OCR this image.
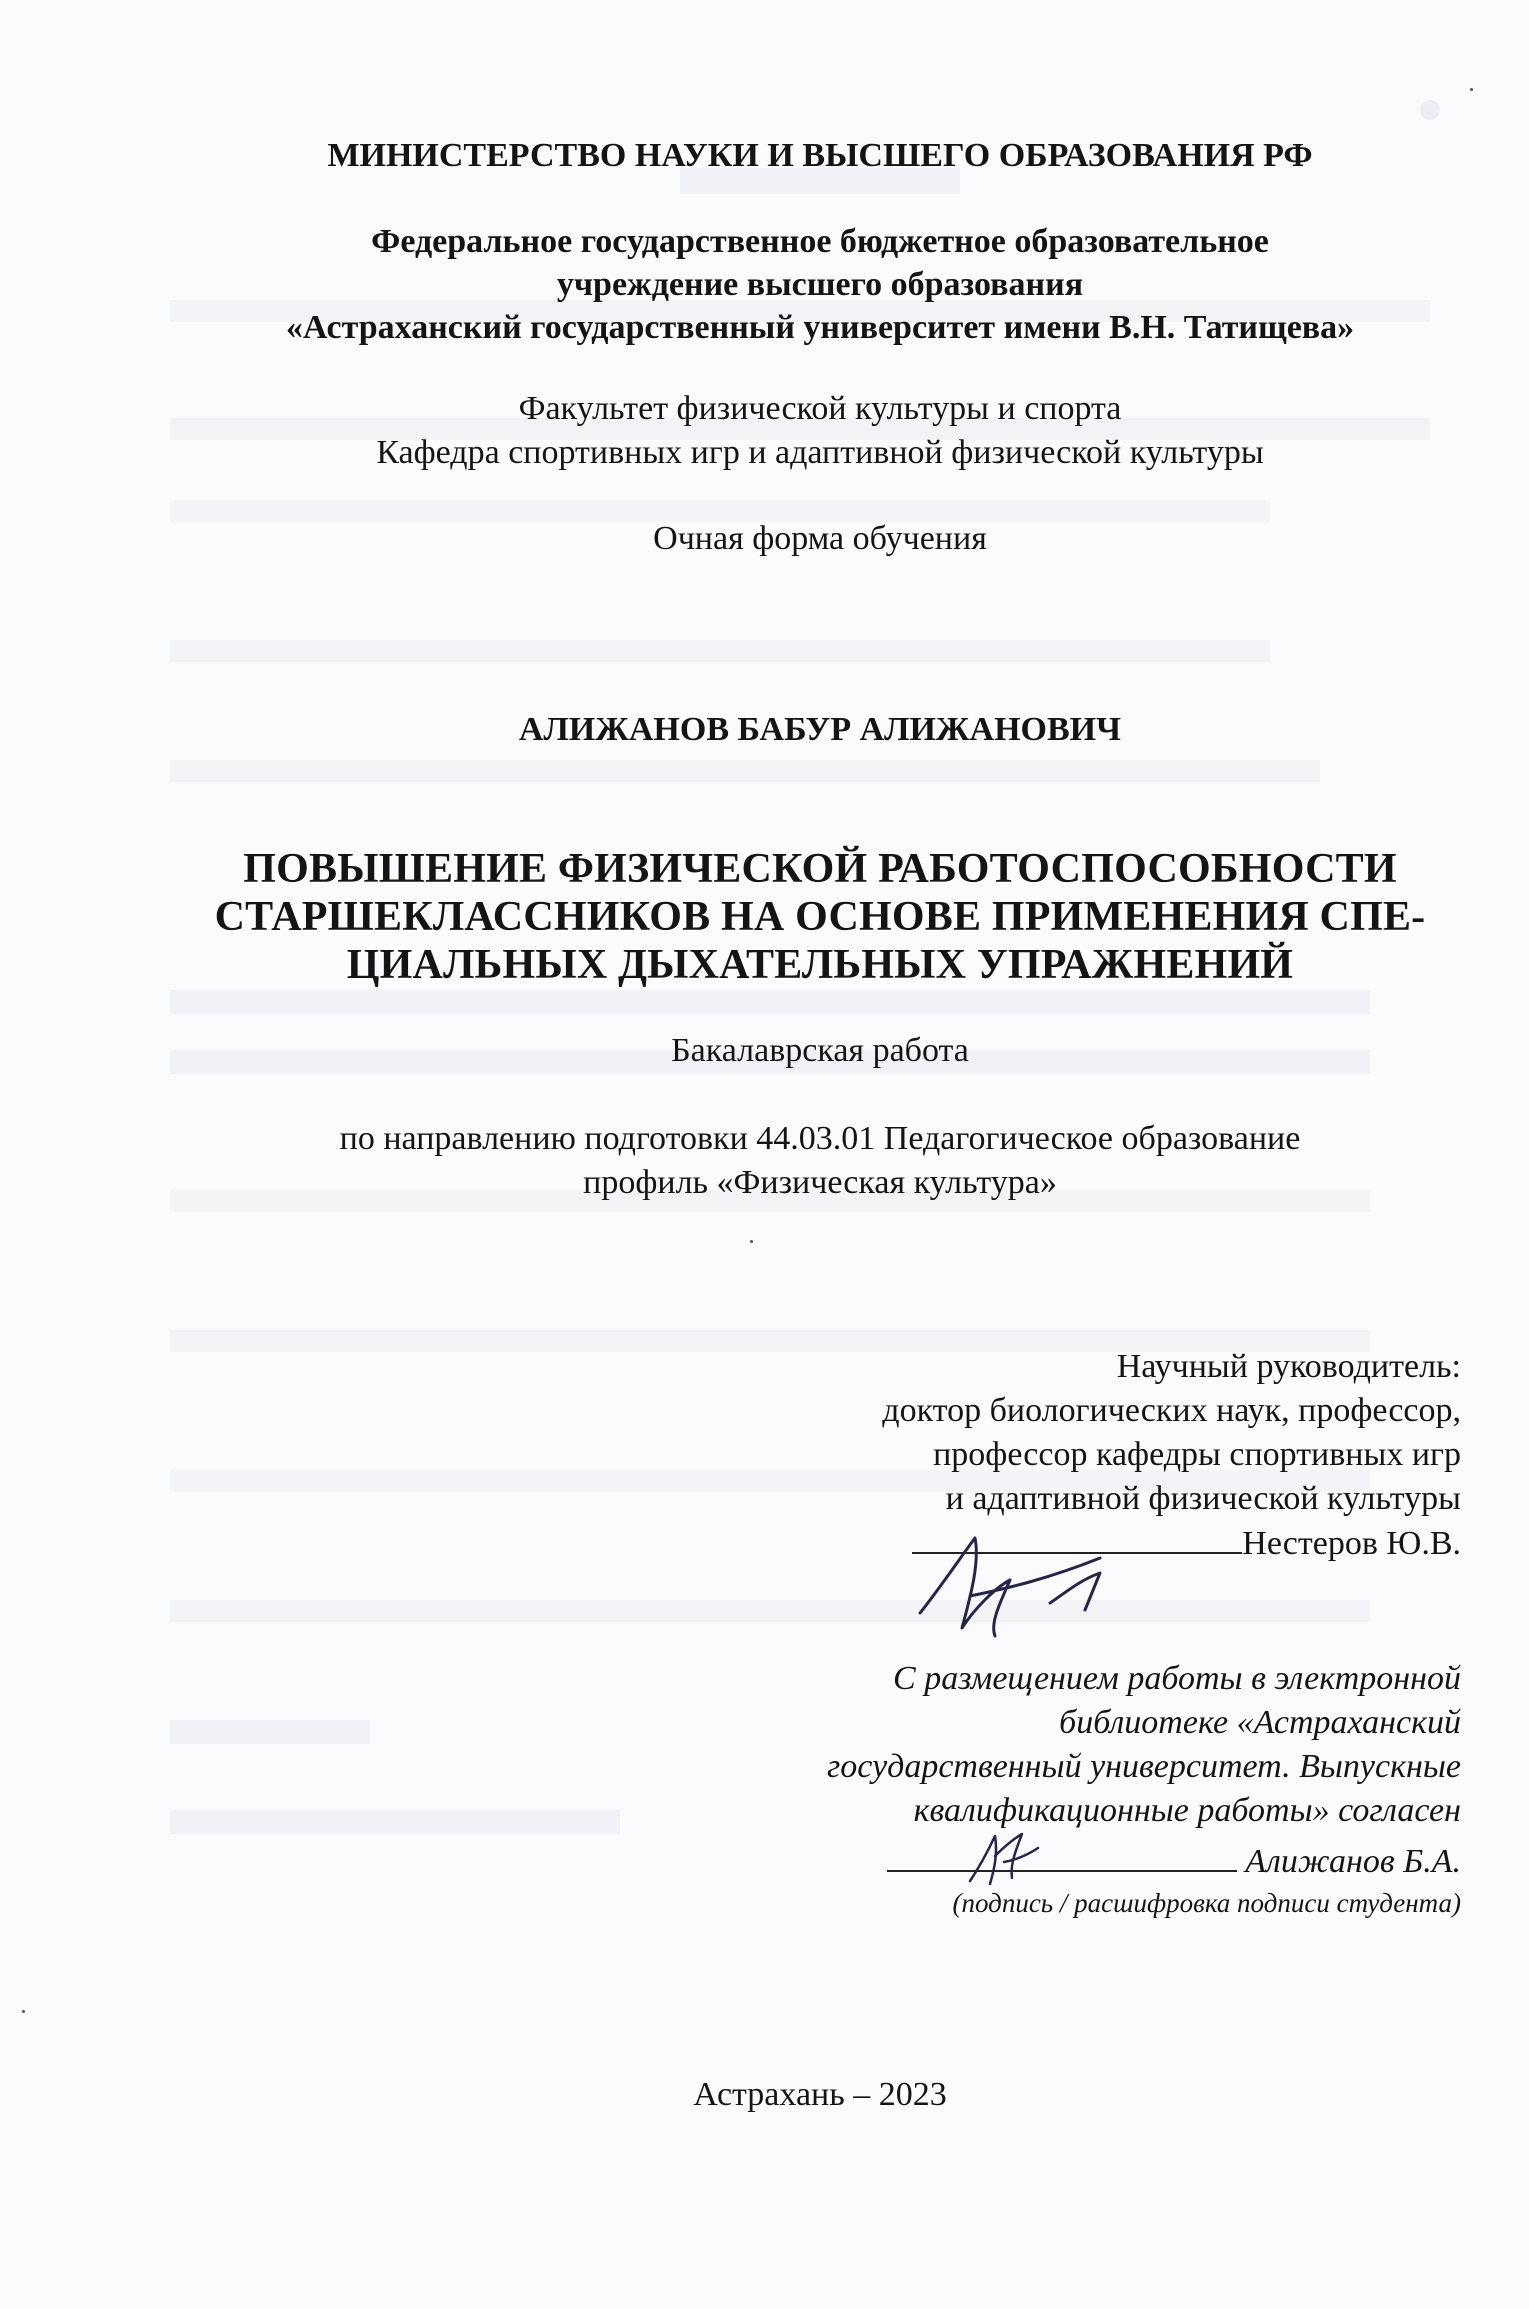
МИНИСТЕРСТВО НАУКИ И ВЫСШЕГО ОБРАЗОВАНИЯ РФ
Федеральное государственное бюджетное образовательное
учреждение высшего образования
«Астраханский государственный университет имени В.Н. Татищева»
Факультет физической культуры и спорта
Кафедра спортивных игр и адаптивной физической культуры
Очная форма обучения
АЛИЖАНОВ БАБУР АЛИЖАНОВИЧ
ПОВЫШЕНИЕ ФИЗИЧЕСКОЙ РАБОТОСПОСОБНОСТИ
СТАРШЕКЛАССНИКОВ НА ОСНОВЕ ПРИМЕНЕНИЯ СПЕ-
ЦИАЛЬНЫХ ДЫХАТЕЛЬНЫХ УПРАЖНЕНИЙ
Бакалаврская работа
по направлению подготовки 44.03.01 Педагогическое образование
профиль «Физическая культура»
Научный руководитель:
доктор биологических наук, профессор,
профессор кафедры спортивных игр
и адаптивной физической культуры
Нестеров Ю.В.
С размещением работы в электронной
библиотеке «Астраханский
государственный университет. Выпускные
квалификационные работы» согласен
Алижанов Б.А.
(подпись / расшифровка подписи студента)
Астрахань – 2023
